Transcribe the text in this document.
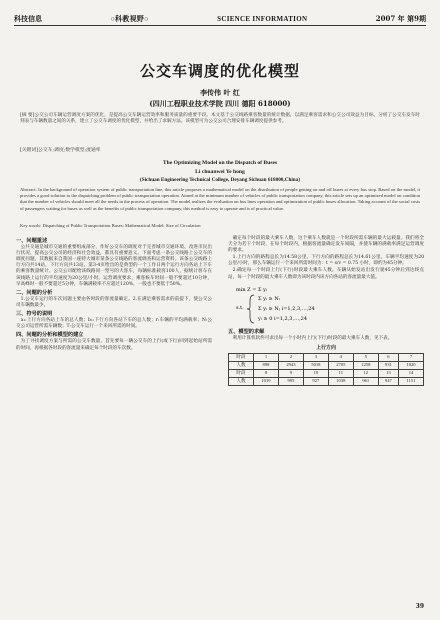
科技信息	○科教视野○	SCIENCE INFORMATION	2007 年 第9期
公交车调度的优化模型
李传伟 叶 红
(四川工程职业技术学院 四川 德阳 618000)
[摘 要]公交公司车辆运营调度方案的优化，是提高公交车辆运营效率和服务质量的重要手段。本文基于公交线路乘客数量的统计数据，以满足乘客需求和公交公司效益为目标，分析了公交车发车时刻表与车辆数量之间的关系，建立了公交车调度的优化模型，并给出了求解方法。该模型可为公交公司合理安排车辆调度提供参考。
[关键词]公交车;调度;数学模型;流通率
The Optimizing Model on the Dispatch of Buses
Li chuanwei Ye hong
(Sichuan Engineering Technical College, Deyang Sichuan 618000,China)
Abstract: In the background of operation system of public transportation line, this article proposes a mathematical model on the distribution of people getting on and off buses at every bus stop. Based on the model, it provides a good solution to the dispatching problem of public transportation operation. Aimed at the minimum number of vehicles of public transportation company, this article sets up an optimized model on condition that the number of vehicles should meet all the needs in the process of operation. The model realizes the evaluation on bus lines operation and optimization of public buses allocation. Taking account of the social costs of passengers waiting for buses as well as the benefits of public transportation company, this method is easy to operate and is of practical value.
Key words: Dispatching of Public Transportation Buses; Mathematical Model; Size of Circulation
一、问题重述

公共交通是城市交通的重要组成部分，作好公交车的调度对于完善城市交通环境、改进市民出行状况、提高公交公司的经济和社会效益，都具有重要意义。下面考虑一条公交线路上公交车的调度问题，其数据来自我国一座特大城市某条公交线路的客流调查和运营资料。该条公交线路上行方向共14站，下行方向共13站，第3-4页给出的是典型的一个工作日两个运行方向各站上下车的乘客数量统计。公交公司配给该线路同一型号的大客车，每辆标准载客100人，据统计客车在该线路上运行的平均速度为20公里/小时。运营调度要求，乘客候车时间一般不要超过10分钟，早高峰时一般不要超过5分钟，车辆满载率不应超过120%，一般也不要低于50%。

二、问题的分析

1.公交车运行的车次问题主要由各时段的客流量确定。2.在满足乘客需求的前提下，使公交公司车辆数最少。

三、符号的说明

a₁:上行方向各站上车的总人数；b₁:下行方向各站下车的总人数；r:车辆的平均满载率；N:公交公司运营所需车辆数；T:公交车运行一个来回所需的时间。

四、问题的分析和模型的建立

为了寻找调度方案与所需的公交车数量，首先要每一辆公交车的上行(或下行)回到起始站所需的时间，再根据各时段的客流量来确定每个时段的车次数。

确定每个时段的最大乘车人数，这个乘车人数就是一个时段所需车辆的最大运载量。我们将全天分为若干个时段，在每个时段内，根据客流量确定发车间隔，并使车辆的满载率满足运营调度的要求。

1.上行方向的路程总长为14.58公里，下行方向的路程总长为14.61公里。车辆平均速度为20公里/小时，那么车辆运行一个来回所需时间为：t = s/v = 0.75 小时，即约为45分钟。

2.确定每一个时段上行(下行)时段最大乘车人数。车辆从始发站出发行驶45分钟后到达终点站，每一个时段的最大乘车人数即为该时段内该方向各站的客流量最大值。

min Z = Σ yᵢ
s.t.
Σ yᵢ ≥ Nᵢ
Σ yᵢ ≥ Nⱼ i=1,2,3,…,24
yᵢ ≥ 0 i=1,2,3,…,24
五、模型的求解

利用计算机软件可求出每一个小时内上行(下行)时段的最大乘车人数，见下表。

上行方向
时段	1	2	3	4	5	6	7
人数	898	2943	5018	2705	1258	931	1020
时段	8	9	10	11	12	13	14
人数	1019	995	927	1038	961	947	1151
39
